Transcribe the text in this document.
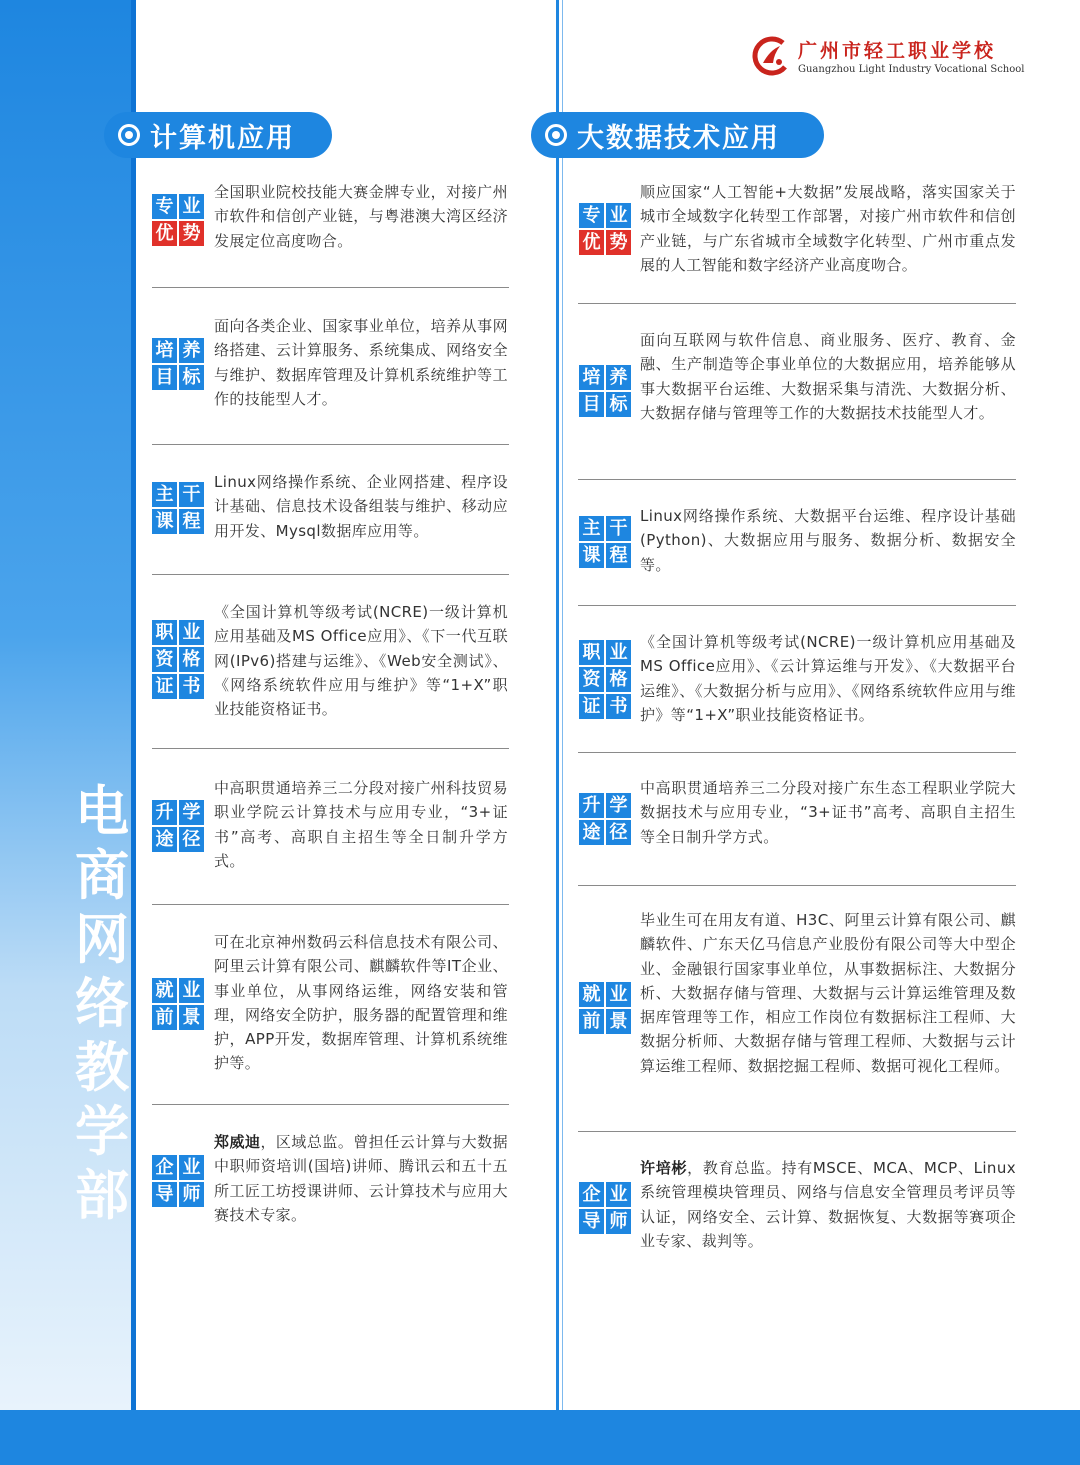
电商网络教学部
广州市轻工职业学校
Guangzhou Light Industry Vocational School
计算机应用	大数据技术应用
专 业
优 势
全国职业院校技能大赛金牌专业，对接广州市软件和信创产业链，与粤港澳大湾区经济发展定位高度吻合。
培 养
目 标
面向各类企业、国家事业单位，培养从事网络搭建、云计算服务、系统集成、网络安全与维护、数据库管理及计算机系统维护等工作的技能型人才。
主 干
课 程
Linux网络操作系统、企业网搭建、程序设计基础、信息技术设备组装与维护、移动应用开发、Mysql数据库应用等。
职 业
资 格
证 书
《全国计算机等级考试(NCRE)一级计算机应用基础及MS Office应用》、《下一代互联网(IPv6)搭建与运维》、《Web安全测试》、《网络系统软件应用与维护》等“1+X”职业技能资格证书。
升 学
途 径
中高职贯通培养三二分段对接广州科技贸易职业学院云计算技术与应用专业，“3+证书”高考、高职自主招生等全日制升学方式。
就 业
前 景
可在北京神州数码云科信息技术有限公司、阿里云计算有限公司、麒麟软件等IT企业、事业单位，从事网络运维，网络安装和管理，网络安全防护，服务器的配置管理和维护，APP开发，数据库管理、计算机系统维护等。
企 业
导 师
郑威迪，区域总监。曾担任云计算与大数据中职师资培训(国培)讲师、腾讯云和五十五所工匠工坊授课讲师、云计算技术与应用大赛技术专家。
专 业
优 势
顺应国家“人工智能+大数据”发展战略，落实国家关于城市全域数字化转型工作部署，对接广州市软件和信创产业链，与广东省城市全域数字化转型、广州市重点发展的人工智能和数字经济产业高度吻合。
培 养
目 标
面向互联网与软件信息、商业服务、医疗、教育、金融、生产制造等企事业单位的大数据应用，培养能够从事大数据平台运维、大数据采集与清洗、大数据分析、大数据存储与管理等工作的大数据技术技能型人才。
主 干
课 程
Linux网络操作系统、大数据平台运维、程序设计基础(Python)、大数据应用与服务、数据分析、数据安全等。
职 业
资 格
证 书
《全国计算机等级考试(NCRE)一级计算机应用基础及MS Office应用》、《云计算运维与开发》、《大数据平台运维》、《大数据分析与应用》、《网络系统软件应用与维护》等“1+X”职业技能资格证书。
升 学
途 径
中高职贯通培养三二分段对接广东生态工程职业学院大数据技术与应用专业，“3+证书”高考、高职自主招生等全日制升学方式。
就 业
前 景
毕业生可在用友有道、H3C、阿里云计算有限公司、麒麟软件、广东天亿马信息产业股份有限公司等大中型企业、金融银行国家事业单位，从事数据标注、大数据分析、大数据存储与管理、大数据与云计算运维管理及数据库管理等工作，相应工作岗位有数据标注工程师、大数据分析师、大数据存储与管理工程师、大数据与云计算运维工程师、数据挖掘工程师、数据可视化工程师。
企 业
导 师
许培彬，教育总监。持有MSCE、MCA、MCP、Linux系统管理模块管理员、网络与信息安全管理员考评员等认证，网络安全、云计算、数据恢复、大数据等赛项企业专家、裁判等。
